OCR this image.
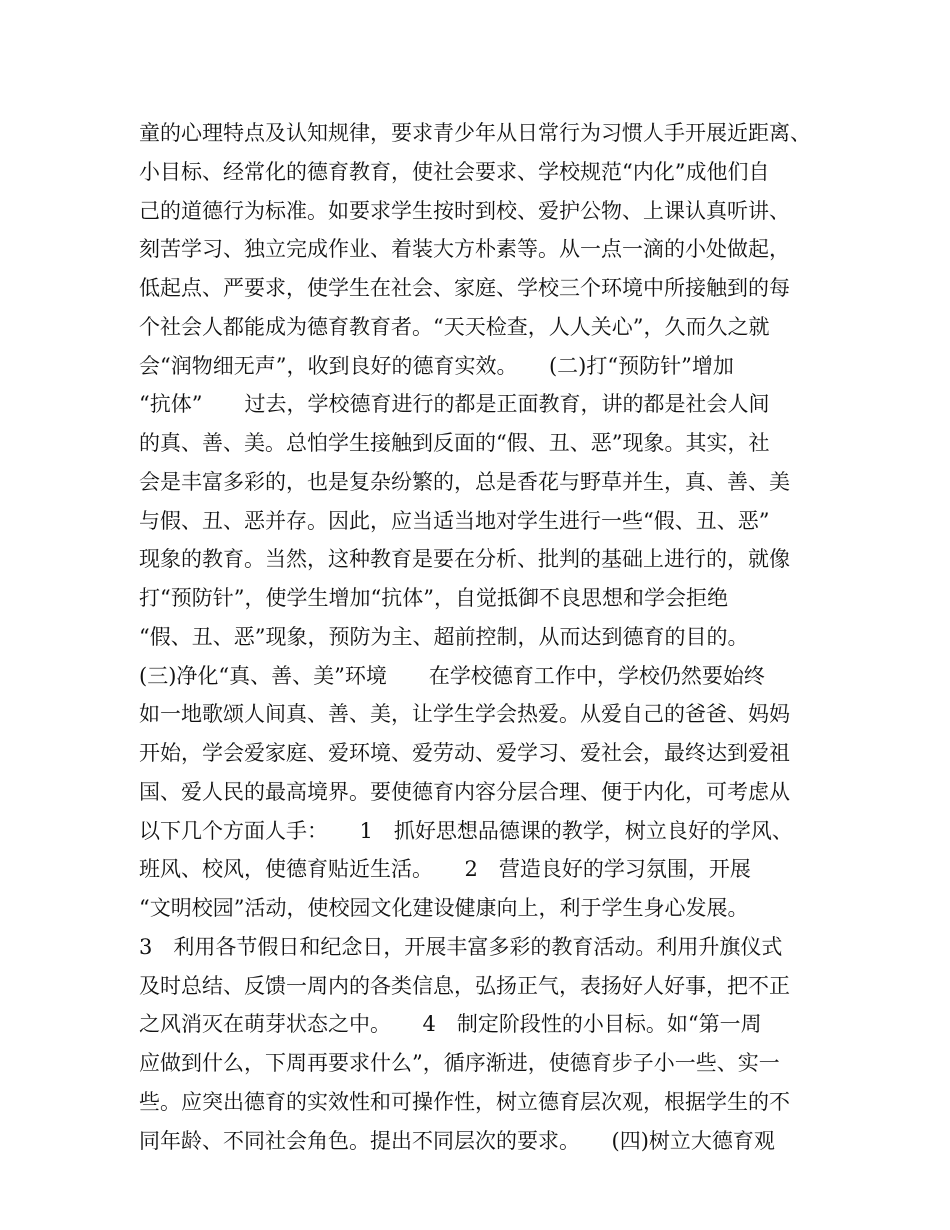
童的心理特点及认知规律，要求青少年从日常行为习惯人手开展近距离、
小目标、经常化的德育教育，使社会要求、学校规范“内化”成他们自
己的道德行为标准。如要求学生按时到校、爱护公物、上课认真听讲、
刻苦学习、独立完成作业、着装大方朴素等。从一点一滴的小处做起，
低起点、严要求，使学生在社会、家庭、学校三个环境中所接触到的每
个社会人都能成为德育教育者。“天天检查，人人关心”，久而久之就
会“润物细无声”，收到良好的德育实效。　　(二)打“预防针”增加
“抗体”　　过去，学校德育进行的都是正面教育，讲的都是社会人间
的真、善、美。总怕学生接触到反面的“假、丑、恶”现象。其实，社
会是丰富多彩的，也是复杂纷繁的，总是香花与野草并生，真、善、美
与假、丑、恶并存。因此，应当适当地对学生进行一些“假、丑、恶”
现象的教育。当然，这种教育是要在分析、批判的基础上进行的，就像
打“预防针”，使学生增加“抗体”，自觉抵御不良思想和学会拒绝
“假、丑、恶”现象，预防为主、超前控制，从而达到德育的目的。
(三)净化“真、善、美”环境　　在学校德育工作中，学校仍然要始终
如一地歌颂人间真、善、美，让学生学会热爱。从爱自己的爸爸、妈妈
开始，学会爱家庭、爱环境、爱劳动、爱学习、爱社会，最终达到爱祖
国、爱人民的最高境界。要使德育内容分层合理、便于内化，可考虑从
以下几个方面人手：　　1　抓好思想品德课的教学，树立良好的学风、
班风、校风，使德育贴近生活。　　2　营造良好的学习氛围，开展
“文明校园”活动，使校园文化建设健康向上，利于学生身心发展。
3　利用各节假日和纪念日，开展丰富多彩的教育活动。利用升旗仪式
及时总结、反馈一周内的各类信息，弘扬正气，表扬好人好事，把不正
之风消灭在萌芽状态之中。　　4　制定阶段性的小目标。如“第一周
应做到什么，下周再要求什么”，循序渐进，使德育步子小一些、实一
些。应突出德育的实效性和可操作性，树立德育层次观，根据学生的不
同年龄、不同社会角色。提出不同层次的要求。　　(四)树立大德育观
